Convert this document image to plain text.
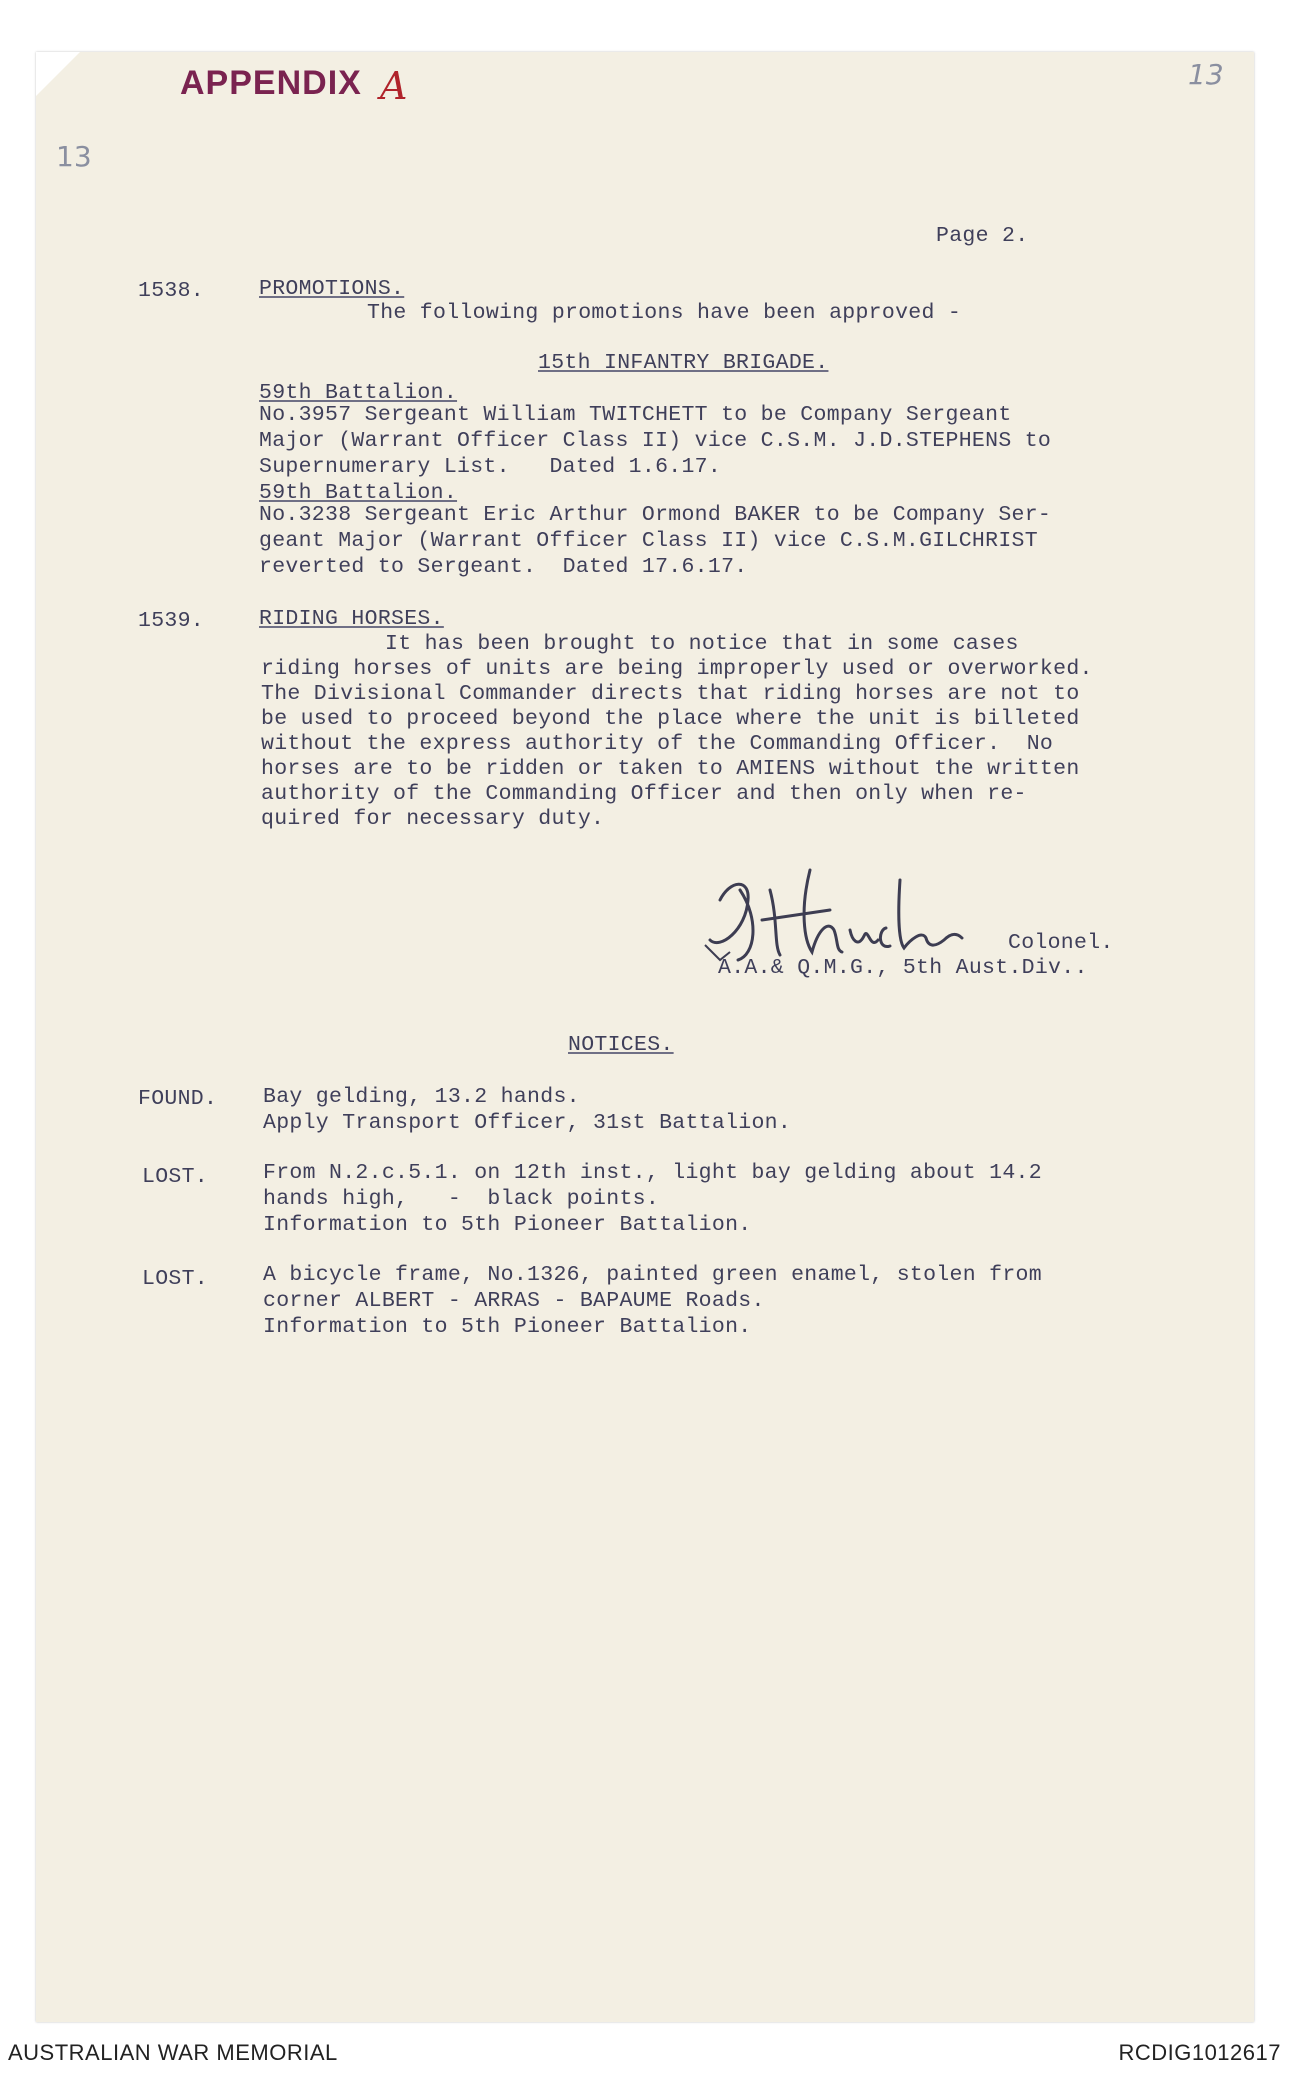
APPENDIX A
13
13
Page 2.
1538.	PROMOTIONS.
The following promotions have been approved -
15th INFANTRY BRIGADE.
59th Battalion.
No.3957 Sergeant William TWITCHETT to be Company Sergeant
Major (Warrant Officer Class II) vice C.S.M. J.D.STEPHENS to
Supernumerary List.   Dated 1.6.17.
59th Battalion.
No.3238 Sergeant Eric Arthur Ormond BAKER to be Company Ser-
geant Major (Warrant Officer Class II) vice C.S.M.GILCHRIST
reverted to Sergeant.  Dated 17.6.17.
1539.	RIDING HORSES.
It has been brought to notice that in some cases
riding horses of units are being improperly used or overworked.
The Divisional Commander directs that riding horses are not to
be used to proceed beyond the place where the unit is billeted
without the express authority of the Commanding Officer.  No
horses are to be ridden or taken to AMIENS without the written
authority of the Commanding Officer and then only when re-
quired for necessary duty.
Colonel.
A.A.& Q.M.G., 5th Aust.Div..
NOTICES.
FOUND. Bay gelding, 13.2 hands.
Apply Transport Officer, 31st Battalion.
LOST.	From N.2.c.5.1. on 12th inst., light bay gelding about 14.2
hands high,   -  black points.
Information to 5th Pioneer Battalion.
LOST.	A bicycle frame, No.1326, painted green enamel, stolen from
corner ALBERT - ARRAS - BAPAUME Roads.
Information to 5th Pioneer Battalion.
AUSTRALIAN WAR MEMORIAL	RCDIG1012617
